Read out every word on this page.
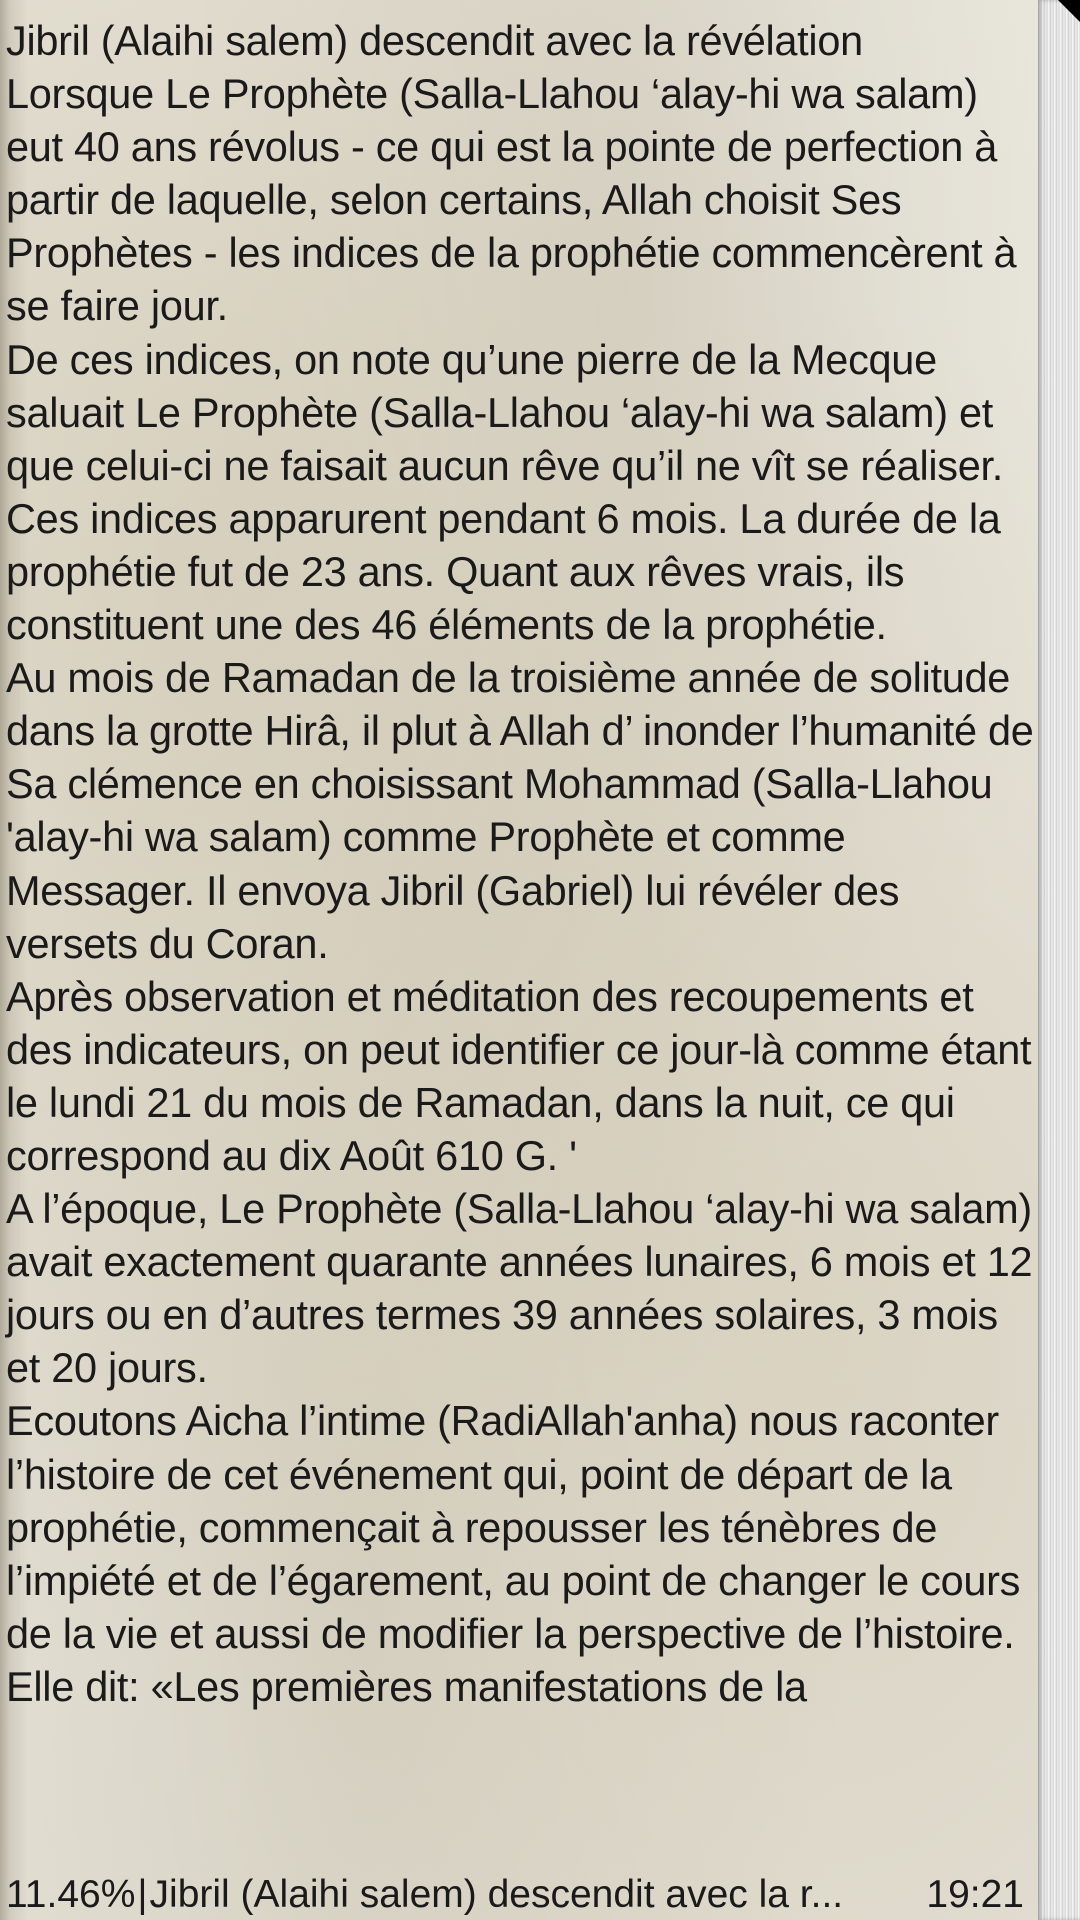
Jibril (Alaihi salem) descendit avec la révélation

Lorsque Le Prophète (Salla-Llahou ‘alay-hi wa salam) eut 40 ans révolus - ce qui est la pointe de perfection à partir de laquelle, selon certains, Allah choisit Ses Prophètes - les indices de la prophétie commencèrent à se faire jour.

De ces indices, on note qu’une pierre de la Mecque saluait Le Prophète (Salla-Llahou ‘alay-hi wa salam) et que celui-ci ne faisait aucun rêve qu’il ne vît se réaliser. Ces indices apparurent pendant 6 mois. La durée de la prophétie fut de 23 ans. Quant aux rêves vrais, ils constituent une des 46 éléments de la prophétie.

Au mois de Ramadan de la troisième année de solitude dans la grotte Hirâ, il plut à Allah d’ inonder l’humanité de Sa clémence en choisissant Mohammad (Salla-Llahou 'alay-hi wa salam) comme Prophète et comme Messager. Il envoya Jibril (Gabriel) lui révéler des versets du Coran.

Après observation et méditation des recoupements et des indicateurs, on peut identifier ce jour-là comme étant le lundi 21 du mois de Ramadan, dans la nuit, ce qui correspond au dix Août 610 G. '

A l’époque, Le Prophète (Salla-Llahou ‘alay-hi wa salam) avait exactement quarante années lunaires, 6 mois et 12 jours ou en d’autres termes 39 années solaires, 3 mois et 20 jours.

Ecoutons Aicha l’intime (RadiAllah'anha) nous raconter l’histoire de cet événement qui, point de départ de la prophétie, commençait à repousser les ténèbres de l’impiété et de l’égarement, au point de changer le cours de la vie et aussi de modifier la perspective de l’histoire.

Elle dit: «Les premières manifestations de la

11.46%|Jibril (Alaihi salem) descendit avec la r...	19:21
